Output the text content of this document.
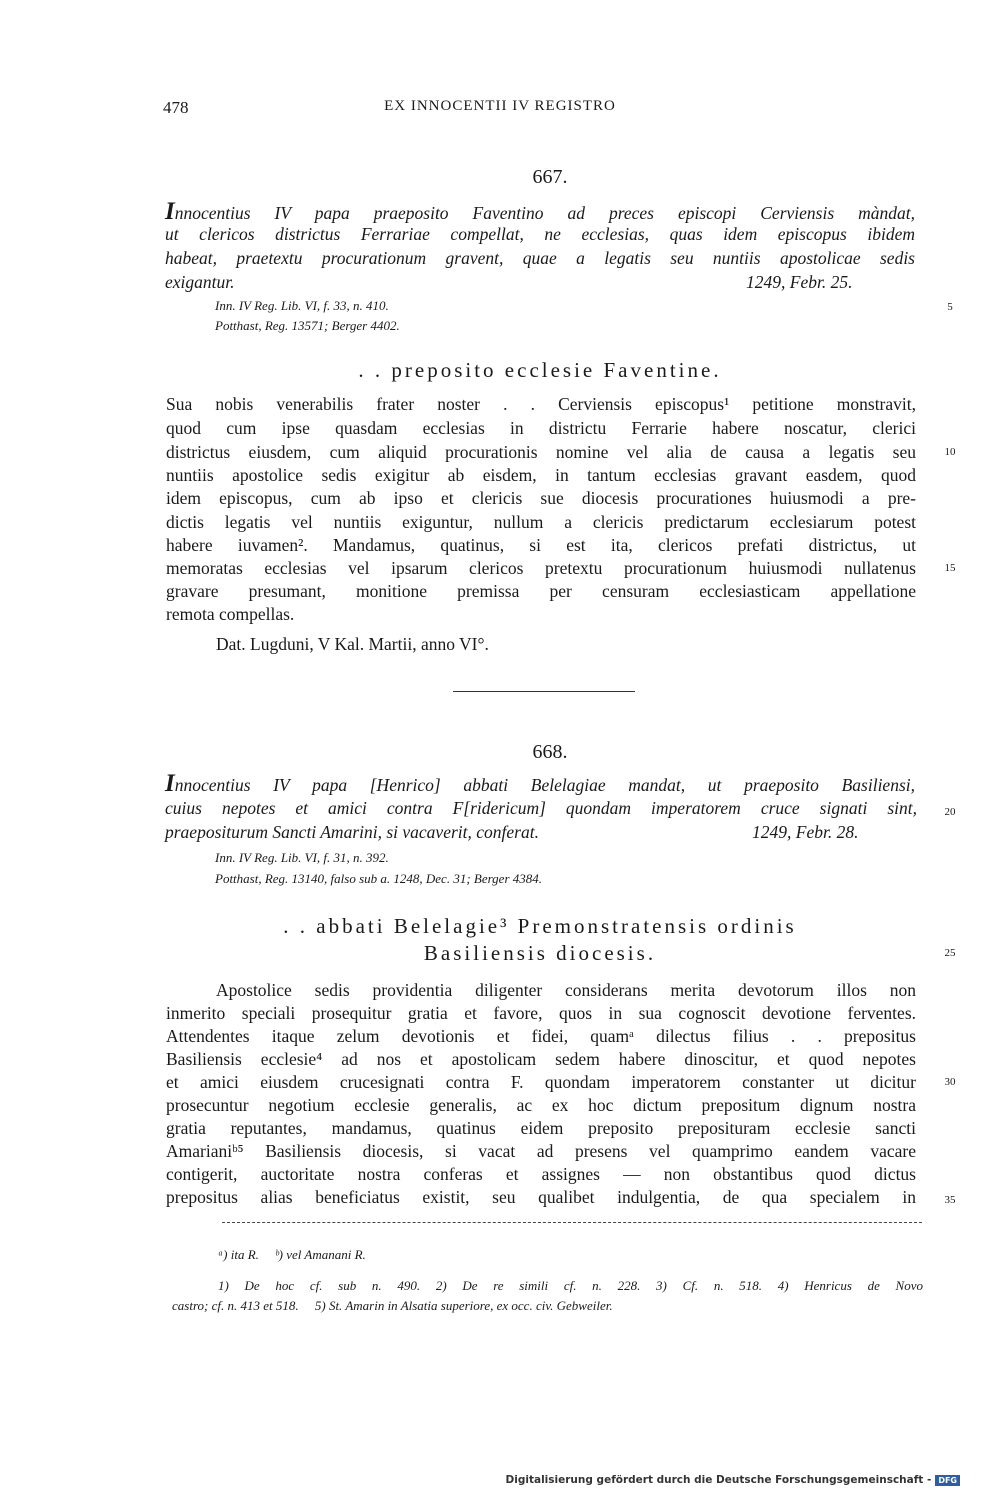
478	EX INNOCENTII IV REGISTRO
667.
Innocentius IV papa praeposito Faventino ad preces episcopi Cerviensis màndat,
ut clericos districtus Ferrariae compellat, ne ecclesias, quas idem episcopus ibidem
habeat, praetextu procurationum gravent, quae a legatis seu nuntiis apostolicae sedis
exigantur.	1249, Febr. 25.
Inn. IV Reg. Lib. VI, f. 33, n. 410.
Potthast, Reg. 13571; Berger 4402.
5
. . preposito ecclesie Faventine.
Sua nobis venerabilis frater noster . . Cerviensis episcopus¹ petitione monstravit,
quod cum ipse quasdam ecclesias in districtu Ferrarie habere noscatur, clerici
districtus eiusdem, cum aliquid procurationis nomine vel alia de causa a legatis seu
nuntiis apostolice sedis exigitur ab eisdem, in tantum ecclesias gravant easdem, quod
idem episcopus, cum ab ipso et clericis sue diocesis procurationes huiusmodi a pre-
dictis legatis vel nuntiis exiguntur, nullum a clericis predictarum ecclesiarum potest
habere iuvamen². Mandamus, quatinus, si est ita, clericos prefati districtus, ut
memoratas ecclesias vel ipsarum clericos pretextu procurationum huiusmodi nullatenus
gravare presumant, monitione premissa per censuram ecclesiasticam appellatione
remota compellas.
10
15
Dat. Lugduni, V Kal. Martii, anno VI°.
668.
Innocentius IV papa [Henrico] abbati Belelagiae mandat, ut praeposito Basiliensi,
cuius nepotes et amici contra F[ridericum] quondam imperatorem cruce signati sint,
praepositurum Sancti Amarini, si vacaverit, conferat.	1249, Febr. 28.
20
Inn. IV Reg. Lib. VI, f. 31, n. 392.
Potthast, Reg. 13140, falso sub a. 1248, Dec. 31; Berger 4384.
. . abbati Belelagie³ Premonstratensis ordinis
Basiliensis diocesis.	25
Apostolice sedis providentia diligenter considerans merita devotorum illos non
inmerito speciali prosequitur gratia et favore, quos in sua cognoscit devotione ferventes.
Attendentes itaque zelum devotionis et fidei, quamᵃ dilectus filius . . prepositus
Basiliensis ecclesie⁴ ad nos et apostolicam sedem habere dinoscitur, et quod nepotes
et amici eiusdem crucesignati contra F. quondam imperatorem constanter ut dicitur
prosecuntur negotium ecclesie generalis, ac ex hoc dictum prepositum dignum nostra
gratia reputantes, mandamus, quatinus eidem preposito preposituram ecclesie sancti
Amarianiᵇ⁵ Basiliensis diocesis, si vacat ad presens vel quamprimo eandem vacare
contigerit, auctoritate nostra conferas et assignes — non obstantibus quod dictus
prepositus alias beneficiatus existit, seu qualibet indulgentia, de qua specialem in
30
35
ᵃ) ita R.     ᵇ) vel Amanani R.
1) De hoc cf. sub n. 490. 2) De re simili cf. n. 228. 3) Cf. n. 518. 4) Henricus de Novo
castro; cf. n. 413 et 518.     5) St. Amarin in Alsatia superiore, ex occ. civ. Gebweiler.
Digitalisierung gefördert durch die Deutsche Forschungsgemeinschaft - DFG
